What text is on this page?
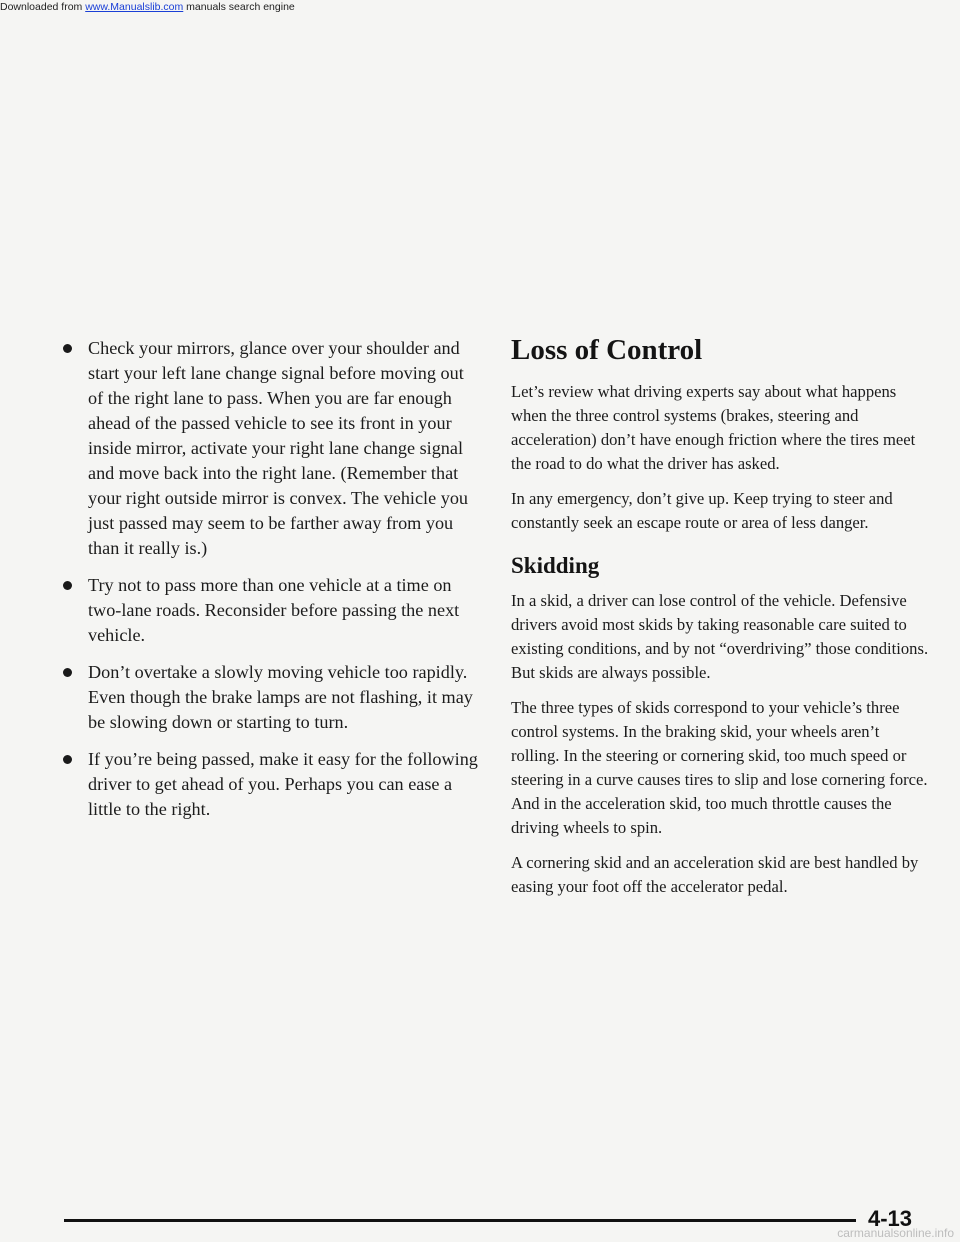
Downloaded from www.Manualslib.com manuals search engine
Check your mirrors, glance over your shoulder and start your left lane change signal before moving out of the right lane to pass. When you are far enough ahead of the passed vehicle to see its front in your inside mirror, activate your right lane change signal and move back into the right lane. (Remember that your right outside mirror is convex. The vehicle you just passed may seem to be farther away from you than it really is.)
Try not to pass more than one vehicle at a time on two-lane roads. Reconsider before passing the next vehicle.
Don’t overtake a slowly moving vehicle too rapidly. Even though the brake lamps are not flashing, it may be slowing down or starting to turn.
If you’re being passed, make it easy for the following driver to get ahead of you. Perhaps you can ease a little to the right.
Loss of Control

Let’s review what driving experts say about what happens when the three control systems (brakes, steering and acceleration) don’t have enough friction where the tires meet the road to do what the driver has asked.

In any emergency, don’t give up. Keep trying to steer and constantly seek an escape route or area of less danger.

Skidding

In a skid, a driver can lose control of the vehicle. Defensive drivers avoid most skids by taking reasonable care suited to existing conditions, and by not “overdriving” those conditions. But skids are always possible.

The three types of skids correspond to your vehicle’s three control systems. In the braking skid, your wheels aren’t rolling. In the steering or cornering skid, too much speed or steering in a curve causes tires to slip and lose cornering force. And in the acceleration skid, too much throttle causes the driving wheels to spin.

A cornering skid and an acceleration skid are best handled by easing your foot off the accelerator pedal.

4-13
carmanualsonline.info
